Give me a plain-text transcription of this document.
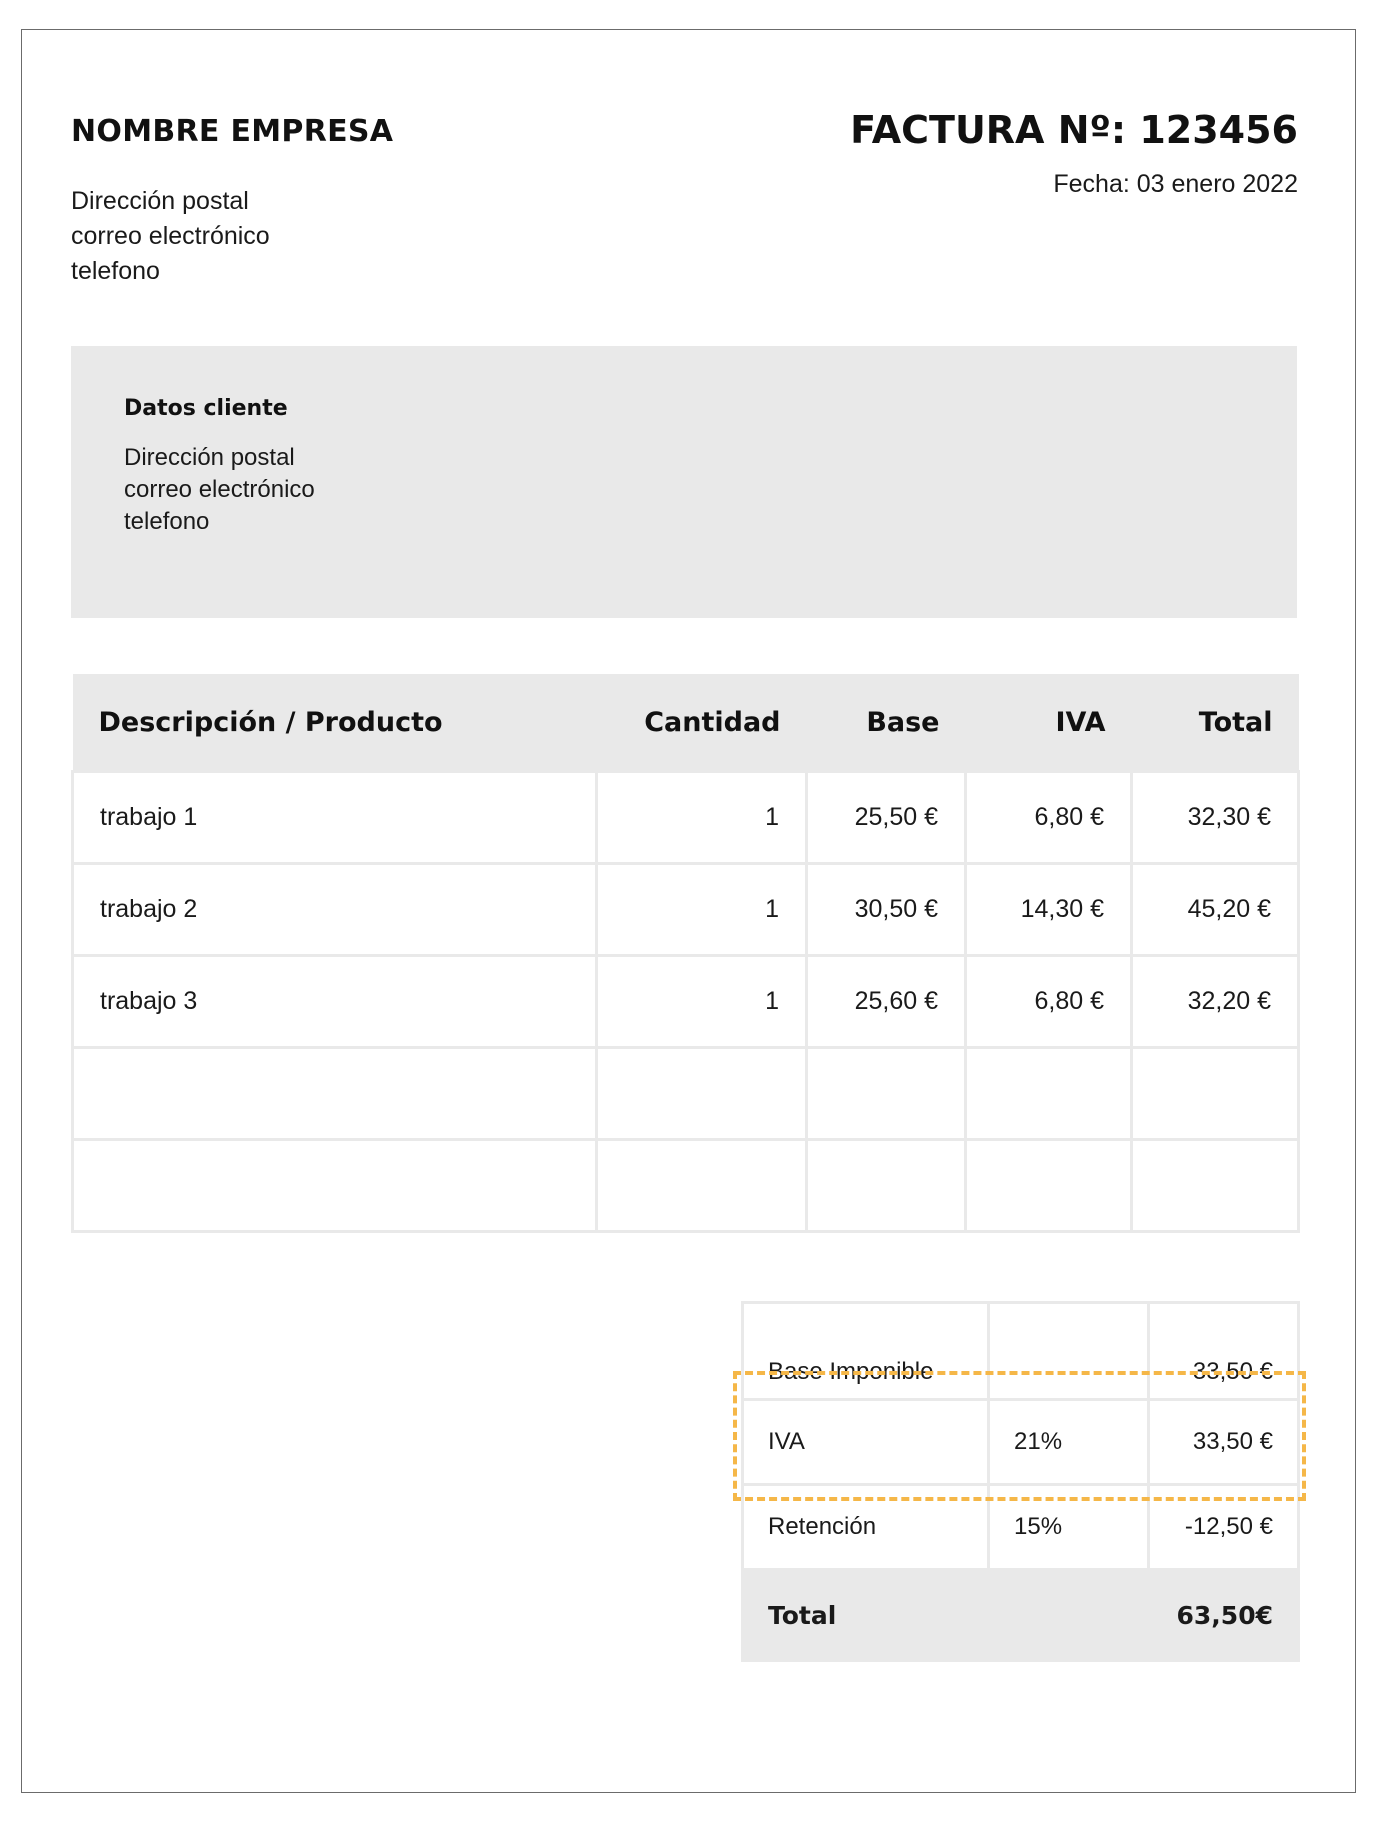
NOMBRE EMPRESA
Dirección postal
correo electrónico
telefono
FACTURA Nº: 123456
Fecha: 03 enero 2022
Datos cliente
Dirección postal
correo electrónico
telefono
Descripción / Producto	Cantidad	Base	IVA	Total
trabajo 1	1	25,50 €	6,80 €	32,30 €
trabajo 2	1	30,50 €	14,30 €	45,20 €
trabajo 3	1	25,60 €	6,80 €	32,20 €

Base Imponible		33,50 €
IVA	21%	33,50 €
Retención	15%	-12,50 €
Total		63,50€
